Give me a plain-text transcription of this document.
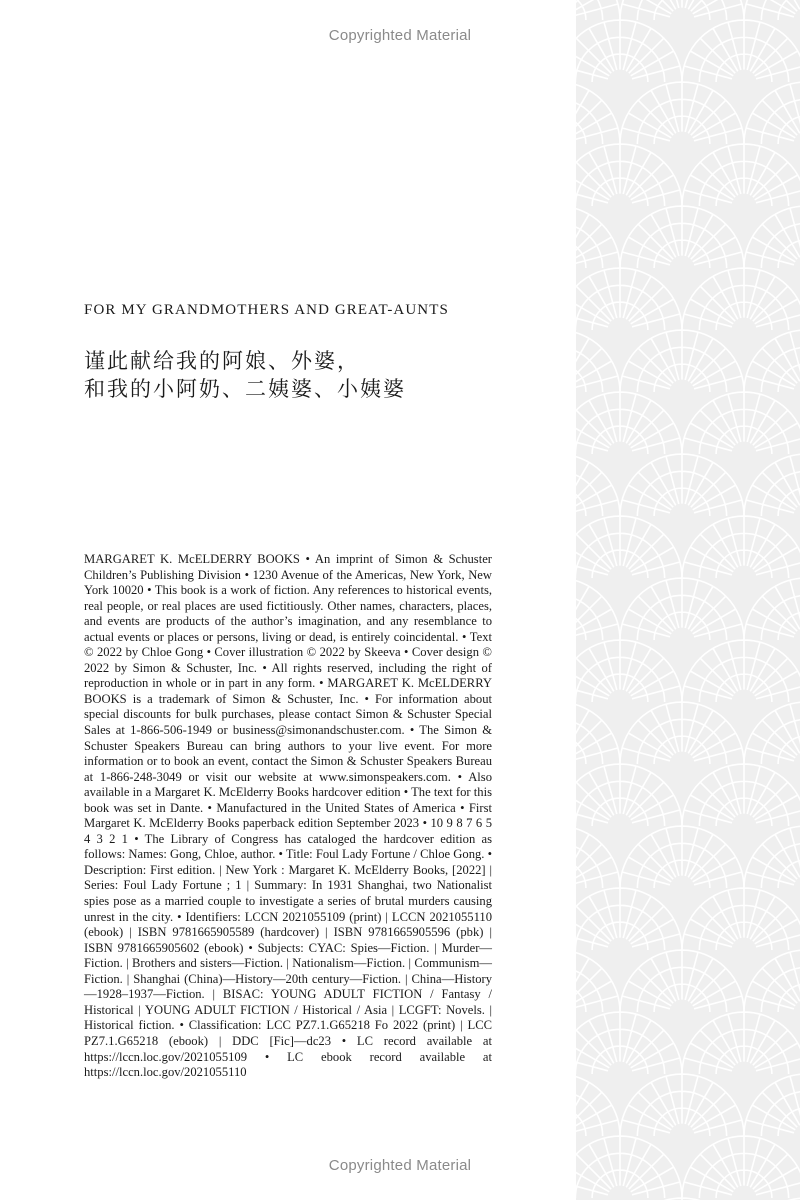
Copyrighted Material
FOR MY GRANDMOTHERS AND GREAT-AUNTS
谨此献给我的阿娘、外婆，
和我的小阿奶、二姨婆、小姨婆
MARGARET K. McELDERRY BOOKS • An imprint of Simon & Schuster Children’s Publishing Division • 1230 Avenue of the Americas, New York, New York 10020 • This book is a work of fiction. Any references to historical events, real people, or real places are used fictitiously. Other names, characters, places, and events are products of the author’s imagination, and any resemblance to actual events or places or persons, living or dead, is entirely coincidental. • Text © 2022 by Chloe Gong • Cover illustration © 2022 by Skeeva • Cover design © 2022 by Simon & Schuster, Inc. • All rights reserved, including the right of reproduction in whole or in part in any form. • MARGARET K. McELDERRY BOOKS is a trademark of Simon & Schuster, Inc. • For information about special discounts for bulk purchases, please contact Simon & Schuster Special Sales at 1-866-506-1949 or business@simonandschuster.com. • The Simon & Schuster Speakers Bureau can bring authors to your live event. For more information or to book an event, contact the Simon & Schuster Speakers Bureau at 1-866-248-3049 or visit our website at www.simonspeakers.com. • Also available in a Margaret K. McElderry Books hardcover edition • The text for this book was set in Dante. • Manufactured in the United States of America • First Margaret K. McElderry Books paperback edition September 2023 • 10 9 8 7 6 5 4 3 2 1 • The Library of Congress has cataloged the hardcover edition as follows: Names: Gong, Chloe, author. • Title: Foul Lady Fortune / Chloe Gong. • Description: First edition. | New York : Margaret K. McElderry Books, [2022] | Series: Foul Lady Fortune ; 1 | Summary: In 1931 Shanghai, two Nationalist spies pose as a married couple to investigate a series of brutal murders causing unrest in the city. • Identifiers: LCCN 2021055109 (print) | LCCN 2021055110 (ebook) | ISBN 9781665905589 (hardcover) | ISBN 9781665905596 (pbk) | ISBN 9781665905602 (ebook) • Subjects: CYAC: Spies—Fiction. | Murder—Fiction. | Brothers and sisters—Fiction. | Nationalism—Fiction. | Communism—Fiction. | Shanghai (China)—History—20th century—Fiction. | China—History—1928–1937—Fiction. | BISAC: YOUNG ADULT FICTION / Fantasy / Historical | YOUNG ADULT FICTION / Historical / Asia | LCGFT: Novels. | Historical fiction. • Classification: LCC PZ7.1.G65218 Fo 2022 (print) | LCC PZ7.1.G65218 (ebook) | DDC [Fic]—dc23 • LC record available at https://lccn.loc.gov/2021055109 • LC ebook record available at https://lccn.loc.gov/2021055110
Copyrighted Material
